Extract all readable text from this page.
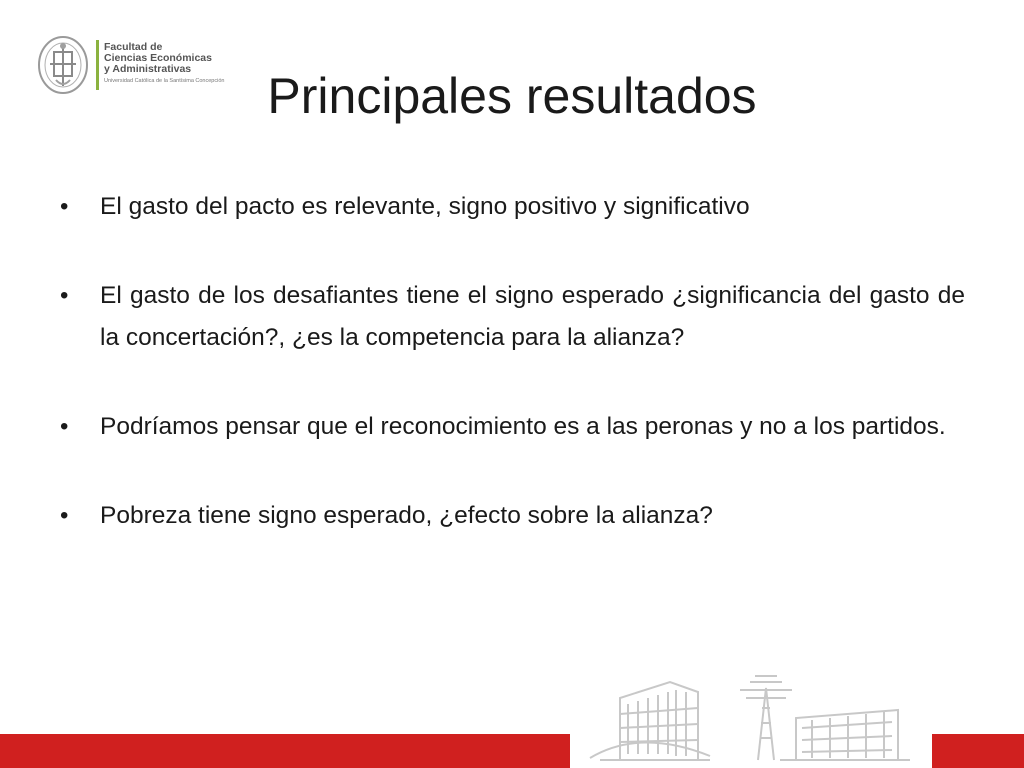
Facultad de
Ciencias Económicas
y Administrativas
Universidad Católica de la Santísima Concepción Principales resultados
• El gasto del pacto es relevante, signo positivo y significativo
• El gasto de los desafiantes tiene el signo esperado ¿significancia del gasto de la concertación?, ¿es la competencia para la alianza?
• Podríamos pensar que el reconocimiento es a las peronas y no a los partidos.
• Pobreza tiene signo esperado, ¿efecto sobre la alianza?
